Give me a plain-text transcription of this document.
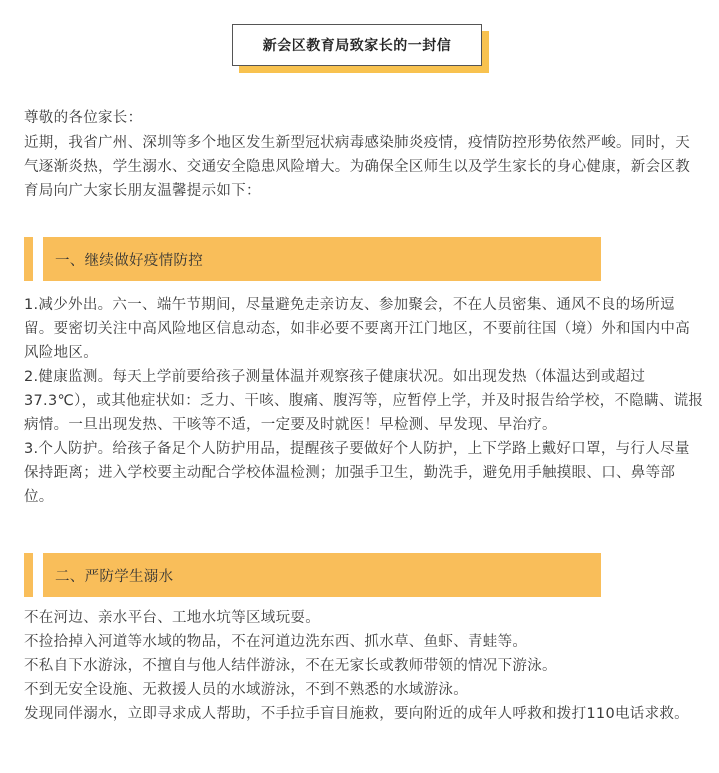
新会区教育局致家长的一封信

尊敬的各位家长：

近期，我省广州、深圳等多个地区发生新型冠状病毒感染肺炎疫情，疫情防控形势依然严峻。同时，天气逐渐炎热，学生溺水、交通安全隐患风险增大。为确保全区师生以及学生家长的身心健康，新会区教育局向广大家长朋友温馨提示如下：

一、继续做好疫情防控

1.减少外出。六一、端午节期间，尽量避免走亲访友、参加聚会，不在人员密集、通风不良的场所逗留。要密切关注中高风险地区信息动态，如非必要不要离开江门地区，不要前往国（境）外和国内中高风险地区。

2.健康监测。每天上学前要给孩子测量体温并观察孩子健康状况。如出现发热（体温达到或超过37.3℃），或其他症状如：乏力、干咳、腹痛、腹泻等，应暂停上学，并及时报告给学校，不隐瞒、谎报病情。一旦出现发热、干咳等不适，一定要及时就医！早检测、早发现、早治疗。

3.个人防护。给孩子备足个人防护用品，提醒孩子要做好个人防护，上下学路上戴好口罩，与行人尽量保持距离；进入学校要主动配合学校体温检测；加强手卫生，勤洗手，避免用手触摸眼、口、鼻等部位。

二、严防学生溺水

不在河边、亲水平台、工地水坑等区域玩耍。

不捡拾掉入河道等水域的物品，不在河道边洗东西、抓水草、鱼虾、青蛙等。

不私自下水游泳，不擅自与他人结伴游泳，不在无家长或教师带领的情况下游泳。

不到无安全设施、无救援人员的水域游泳，不到不熟悉的水域游泳。

发现同伴溺水，立即寻求成人帮助，不手拉手盲目施救，要向附近的成年人呼救和拨打110电话求救。
